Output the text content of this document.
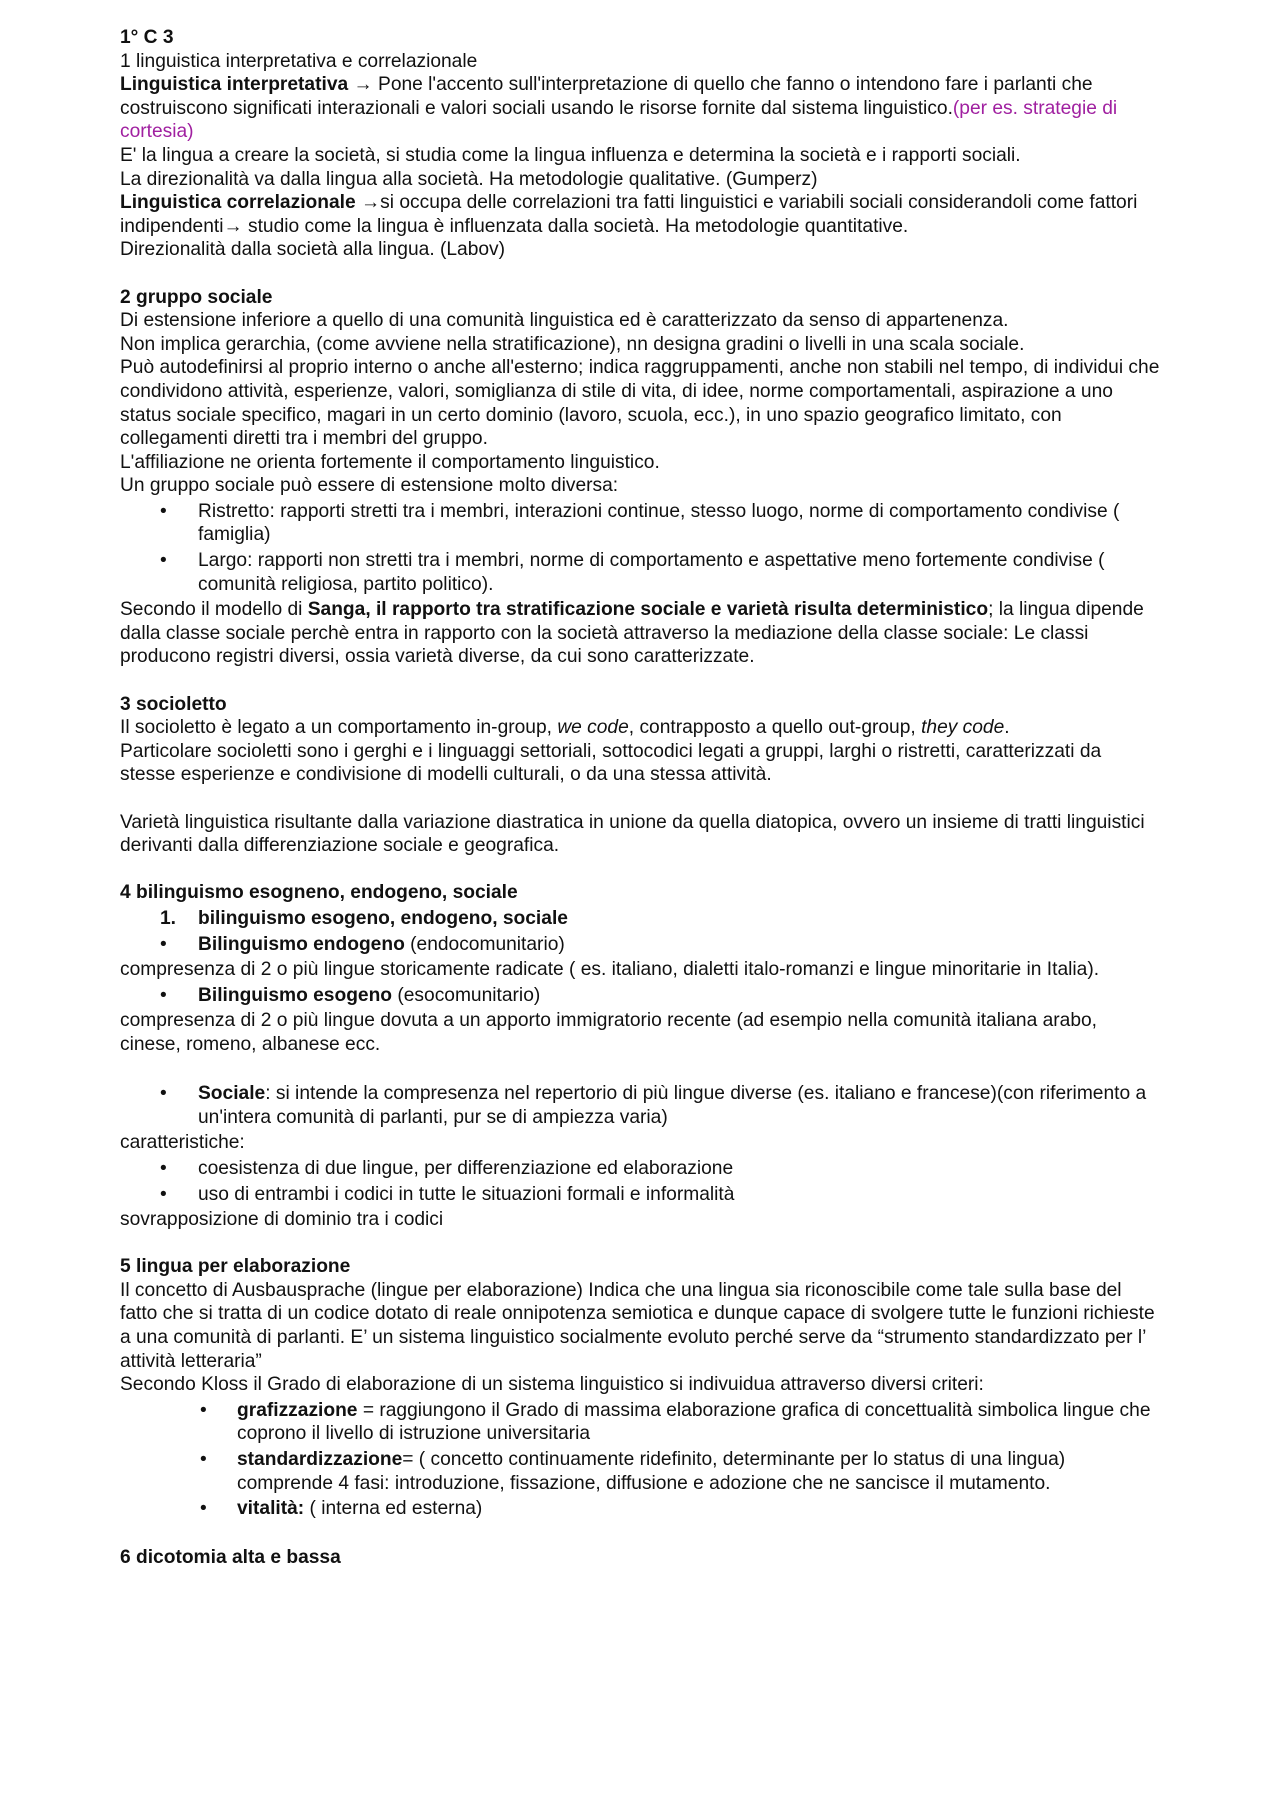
1° C 3

1 linguistica interpretativa e correlazionale

Linguistica interpretativa → Pone l'accento sull'interpretazione di quello che fanno o intendono fare i parlanti che costruiscono significati interazionali e valori sociali usando le risorse fornite dal sistema linguistico.(per es. strategie di cortesia)

E' la lingua a creare la società, si studia come la lingua influenza e determina la società e i rapporti sociali.

La direzionalità va dalla lingua alla società. Ha metodologie qualitative. (Gumperz)

Linguistica correlazionale →si occupa delle correlazioni tra fatti linguistici e variabili sociali considerandoli come fattori indipendenti→ studio come la lingua è influenzata dalla società. Ha metodologie quantitative.

Direzionalità dalla società alla lingua. (Labov)

2 gruppo sociale

Di estensione inferiore a quello di una comunità linguistica ed è caratterizzato da senso di appartenenza.

Non implica gerarchia, (come avviene nella stratificazione), nn designa gradini o livelli in una scala sociale.

Può autodefinirsi al proprio interno o anche all'esterno; indica raggruppamenti, anche non stabili nel tempo, di individui che condividono attività, esperienze, valori, somiglianza di stile di vita, di idee, norme comportamentali, aspirazione a uno status sociale specifico, magari in un certo dominio (lavoro, scuola, ecc.), in uno spazio geografico limitato, con collegamenti diretti tra i membri del gruppo.

L'affiliazione ne orienta fortemente il comportamento linguistico.

Un gruppo sociale può essere di estensione molto diversa:

• Ristretto: rapporti stretti tra i membri, interazioni continue, stesso luogo, norme di comportamento condivise ( famiglia)
• Largo: rapporti non stretti tra i membri, norme di comportamento e aspettative meno fortemente condivise ( comunità religiosa, partito politico).

Secondo il modello di Sanga, il rapporto tra stratificazione sociale e varietà risulta deterministico; la lingua dipende dalla classe sociale perchè entra in rapporto con la società attraverso la mediazione della classe sociale: Le classi producono registri diversi, ossia varietà diverse, da cui sono caratterizzate.

3 socioletto

Il socioletto è legato a un comportamento in-group, we code, contrapposto a quello out-group, they code.

Particolare socioletti sono i gerghi e i linguaggi settoriali, sottocodici legati a gruppi, larghi o ristretti, caratterizzati da stesse esperienze e condivisione di modelli culturali, o da una stessa attività.

Varietà linguistica risultante dalla variazione diastratica in unione da quella diatopica, ovvero un insieme di tratti linguistici derivanti dalla differenziazione sociale e geografica.

4 bilinguismo esogneno, endogeno, sociale

1. bilinguismo esogeno, endogeno, sociale
• Bilinguismo endogeno (endocomunitario)

compresenza di 2 o più lingue storicamente radicate ( es. italiano, dialetti italo-romanzi e lingue minoritarie in Italia).

• Bilinguismo esogeno (esocomunitario)

compresenza di 2 o più lingue dovuta a un apporto immigratorio recente (ad esempio nella comunità italiana arabo, cinese, romeno, albanese ecc.

• Sociale: si intende la compresenza nel repertorio di più lingue diverse (es. italiano e francese)(con riferimento a un'intera comunità di parlanti, pur se di ampiezza varia)

caratteristiche:

• coesistenza di due lingue, per differenziazione ed elaborazione
• uso di entrambi i codici in tutte le situazioni formali e informalità

sovrapposizione di dominio tra i codici

5 lingua per elaborazione

Il concetto di Ausbausprache (lingue per elaborazione) Indica che una lingua sia riconoscibile come tale sulla base del fatto che si tratta di un codice dotato di reale onnipotenza semiotica e dunque capace di svolgere tutte le funzioni richieste a una comunità di parlanti. E’ un sistema linguistico socialmente evoluto perché serve da “strumento standardizzato per l’ attività letteraria”

Secondo Kloss il Grado di elaborazione di un sistema linguistico si indivuidua attraverso diversi criteri:

• grafizzazione = raggiungono il Grado di massima elaborazione grafica di concettualità simbolica lingue che coprono il livello di istruzione universitaria
• standardizzazione= ( concetto continuamente ridefinito, determinante per lo status di una lingua)
comprende 4 fasi: introduzione, fissazione, diffusione e adozione che ne sancisce il mutamento.
• vitalità: ( interna ed esterna)

6 dicotomia alta e bassa
